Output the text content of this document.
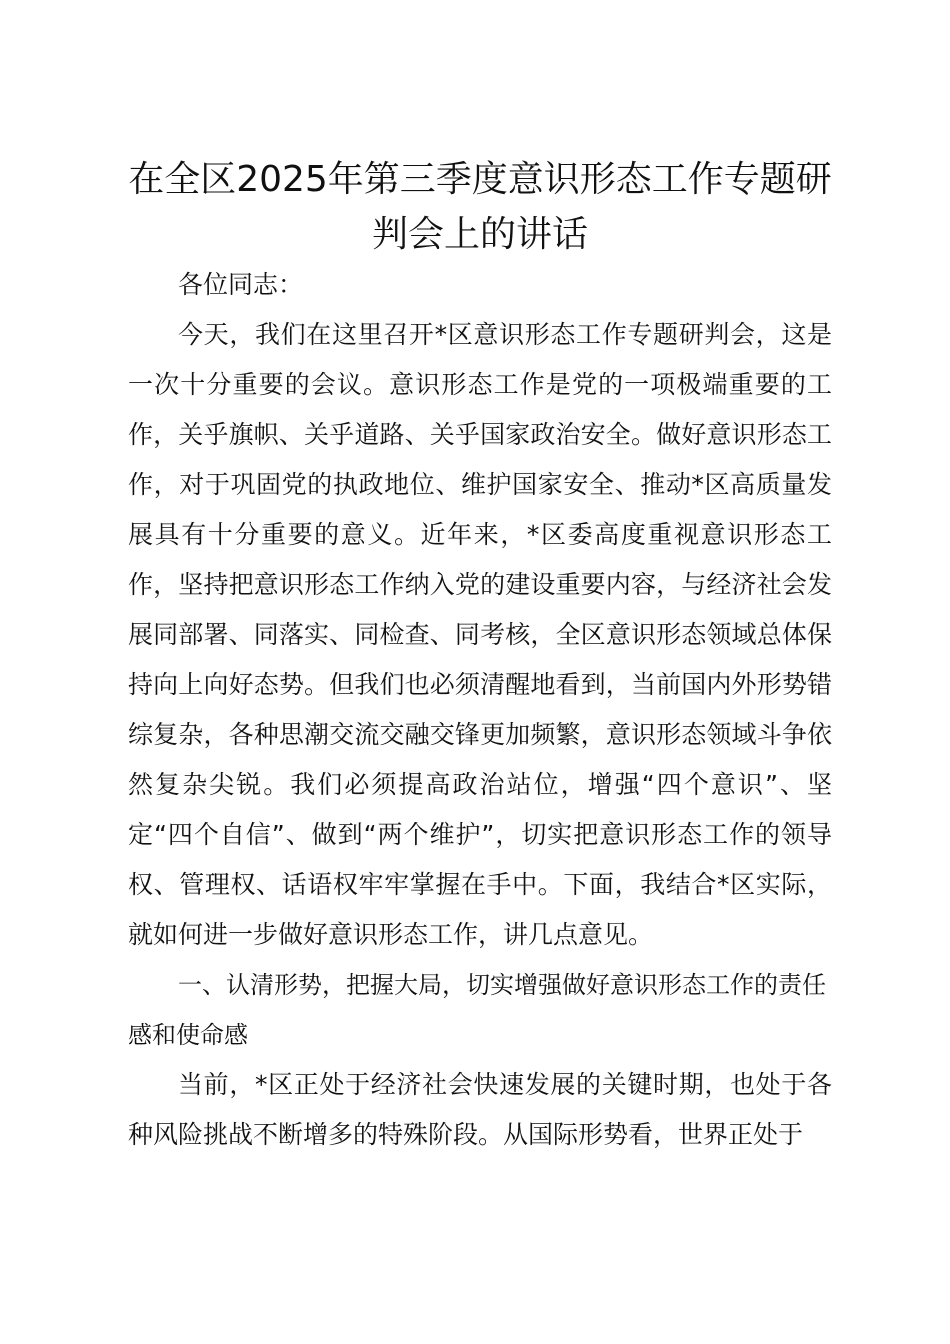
在全区2025年第三季度意识形态工作专题研判会上的讲话

各位同志：

今天，我们在这里召开*区意识形态工作专题研判会，这是一次十分重要的会议。意识形态工作是党的一项极端重要的工作，关乎旗帜、关乎道路、关乎国家政治安全。做好意识形态工作，对于巩固党的执政地位、维护国家安全、推动*区高质量发展具有十分重要的意义。近年来，*区委高度重视意识形态工作，坚持把意识形态工作纳入党的建设重要内容，与经济社会发展同部署、同落实、同检查、同考核，全区意识形态领域总体保持向上向好态势。但我们也必须清醒地看到，当前国内外形势错综复杂，各种思潮交流交融交锋更加频繁，意识形态领域斗争依然复杂尖锐。我们必须提高政治站位，增强“四个意识”、坚定“四个自信”、做到“两个维护”，切实把意识形态工作的领导权、管理权、话语权牢牢掌握在手中。下面，我结合*区实际，就如何进一步做好意识形态工作，讲几点意见。

一、认清形势，把握大局，切实增强做好意识形态工作的责任感和使命感

当前，*区正处于经济社会快速发展的关键时期，也处于各种风险挑战不断增多的特殊阶段。从国际形势看，世界正处于
